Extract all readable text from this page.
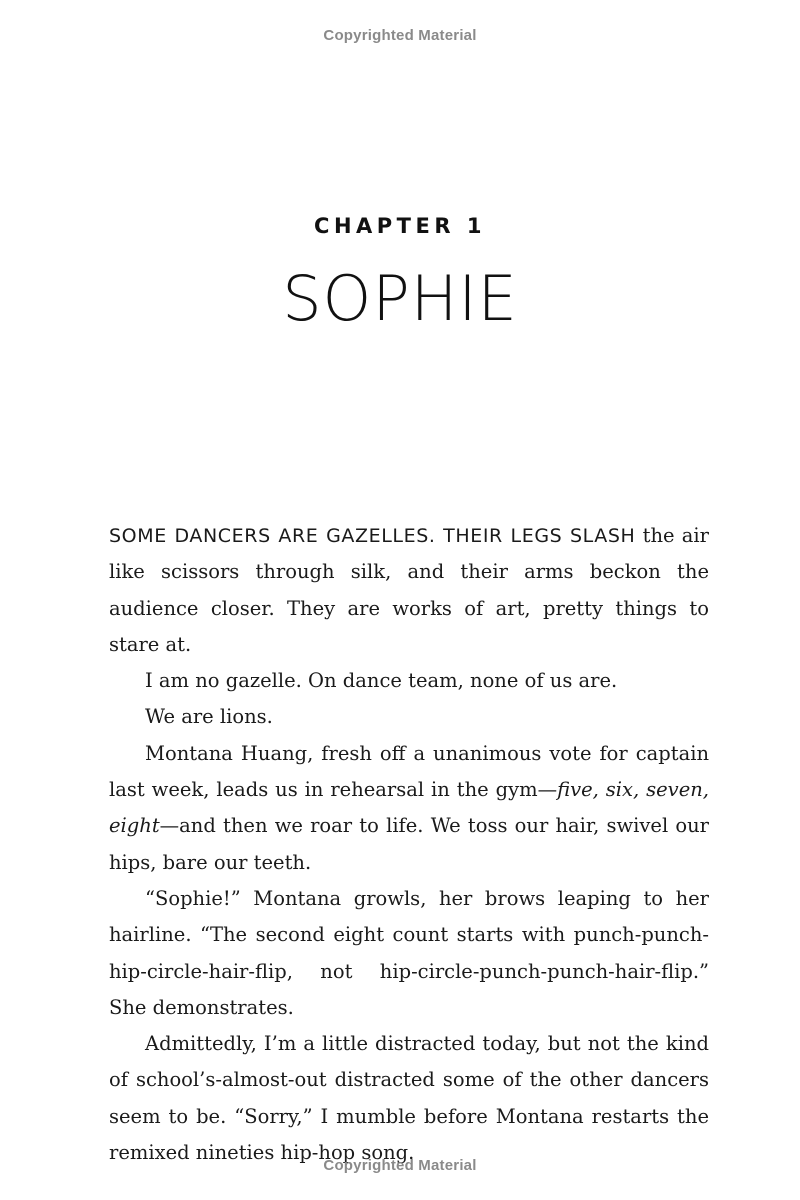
Copyrighted Material
CHAPTER 1
SOPHIE

SOME DANCERS ARE GAZELLES. THEIR LEGS SLASH the air like scissors through silk, and their arms beckon the audience closer. They are works of art, pretty things to stare at.

I am no gazelle. On dance team, none of us are.

We are lions.

Montana Huang, fresh off a unanimous vote for captain last week, leads us in rehearsal in the gym—five, six, seven, eight—and then we roar to life. We toss our hair, swivel our hips, bare our teeth.

“Sophie!” Montana growls, her brows leaping to her hairline. “The second eight count starts with punch-punch-hip-circle-hair-flip, not hip-circle-punch-punch-hair-flip.” She demonstrates.

Admittedly, I’m a little distracted today, but not the kind of school’s-almost-out distracted some of the other dancers seem to be. “Sorry,” I mumble before Montana restarts the remixed nineties hip-hop song.

Copyrighted Material
